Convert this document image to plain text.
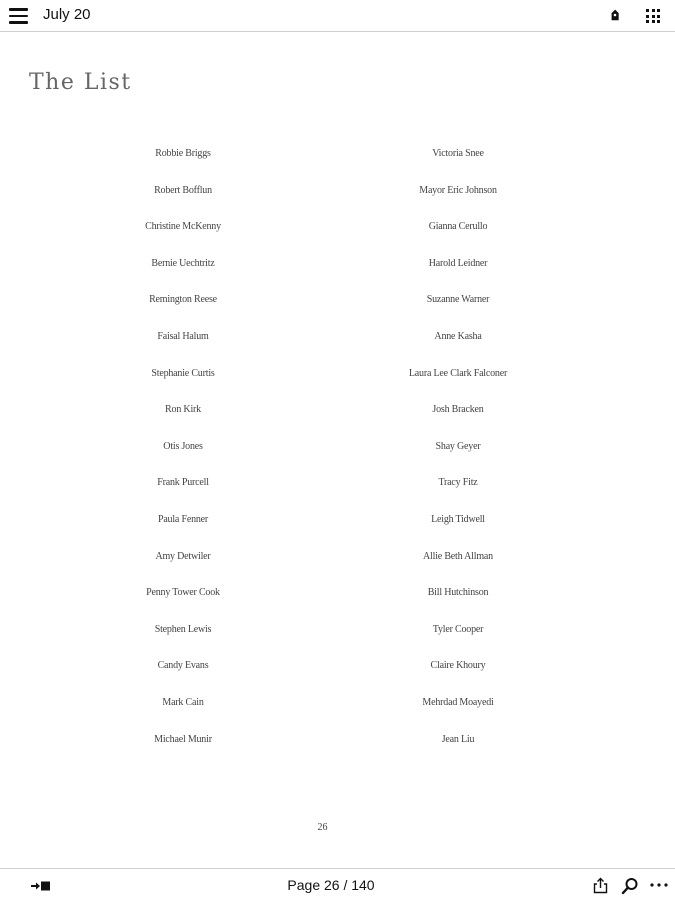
July 20
The List
Robbie Briggs
Robert Bofflun
Christine McKenny
Bernie Uechtritz
Remington Reese
Faisal Halum
Stephanie Curtis
Ron Kirk
Otis Jones
Frank Purcell
Paula Fenner
Amy Detwiler
Penny Tower Cook
Stephen Lewis
Candy Evans
Mark Cain
Michael Munir
Victoria Snee
Mayor Eric Johnson
Gianna Cerullo
Harold Leidner
Suzanne Warner
Anne Kasha
Laura Lee Clark Falconer
Josh Bracken
Shay Geyer
Tracy Fitz
Leigh Tidwell
Allie Beth Allman
Bill Hutchinson
Tyler Cooper
Claire Khoury
Mehrdad Moayedi
Jean Liu
26
Page 26 / 140
